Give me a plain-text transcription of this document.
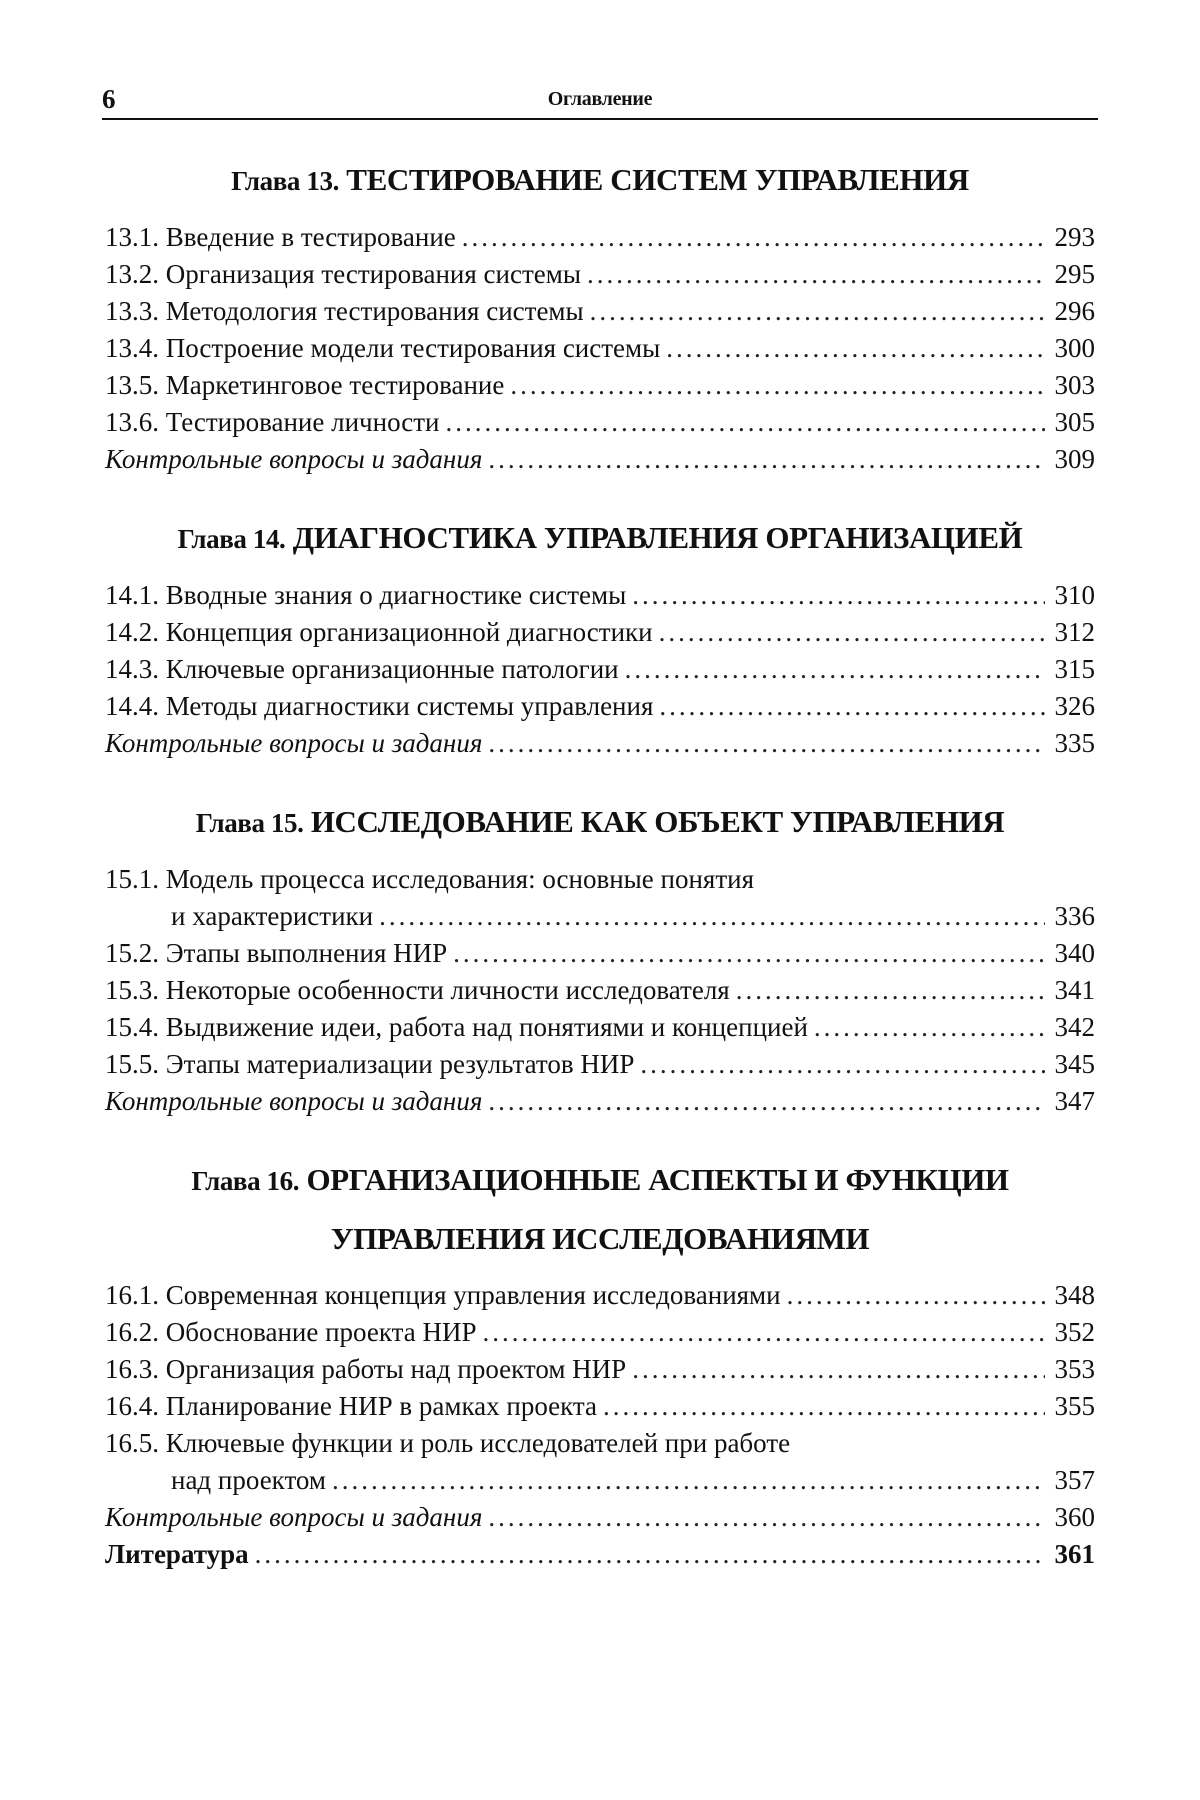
6	Оглавление
Глава 13. ТЕСТИРОВАНИЕ СИСТЕМ УПРАВЛЕНИЯ
13.1. Введение в тестирование .....	293
13.2. Организация тестирования системы .....	295
13.3. Методология тестирования системы .....	296
13.4. Построение модели тестирования системы .....	300
13.5. Маркетинговое тестирование .....	303
13.6. Тестирование личности .....	305
Контрольные вопросы и задания .....	309
Глава 14. ДИАГНОСТИКА УПРАВЛЕНИЯ ОРГАНИЗАЦИЕЙ
14.1. Вводные знания о диагностике системы .....	310
14.2. Концепция организационной диагностики .....	312
14.3. Ключевые организационные патологии .....	315
14.4. Методы диагностики системы управления .....	326
Контрольные вопросы и задания .....	335
Глава 15. ИССЛЕДОВАНИЕ КАК ОБЪЕКТ УПРАВЛЕНИЯ
15.1. Модель процесса исследования: основные понятия
и характеристики .....	336
15.2. Этапы выполнения НИР .....	340
15.3. Некоторые особенности личности исследователя .....	341
15.4. Выдвижение идеи, работа над понятиями и концепцией .....	342
15.5. Этапы материализации результатов НИР .....	345
Контрольные вопросы и задания .....	347
Глава 16. ОРГАНИЗАЦИОННЫЕ АСПЕКТЫ И ФУНКЦИИ
УПРАВЛЕНИЯ ИССЛЕДОВАНИЯМИ
16.1. Современная концепция управления исследованиями .....	348
16.2. Обоснование проекта НИР .....	352
16.3. Организация работы над проектом НИР .....	353
16.4. Планирование НИР в рамках проекта .....	355
16.5. Ключевые функции и роль исследователей при работе
над проектом .....	357
Контрольные вопросы и задания .....	360
Литература .....	361
